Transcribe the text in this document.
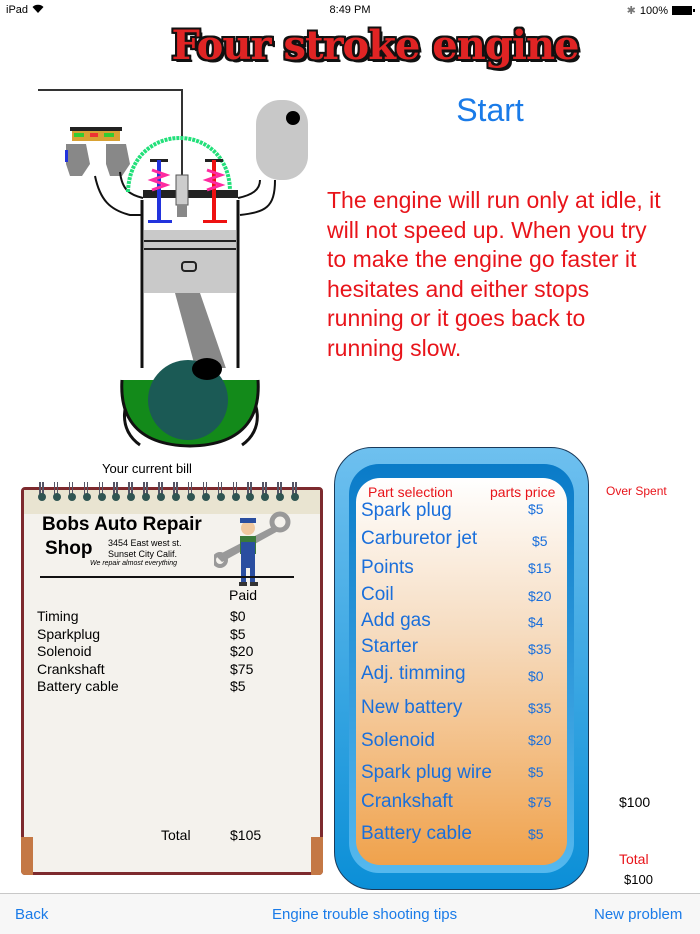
iPad	8:49 PM	✱ 100%
Four stroke engine
Start
The engine will run only at idle, it will not speed up. When you try to make the engine go faster it hesitates and either stops running or it goes back to running slow.
Your current bill
Bobs Auto Repair
Shop	3454 East west st.
Sunset City Calif.
We repair almost everything
Paid
Timing	$0
Sparkplug	$5
Solenoid	$20
Crankshaft	$75
Battery cable	$5
Total	$105
Part selection	parts price
Spark plug	$5
Carburetor jet	$5
Points	$15
Coil	$20
Add gas	$4
Starter	$35
Adj. timming	$0
New battery	$35
Solenoid	$20
Spark plug wire	$5
Crankshaft	$75
Battery cable	$5
Over Spent
$100
Total
$100
Back	Engine trouble shooting tips	New problem
